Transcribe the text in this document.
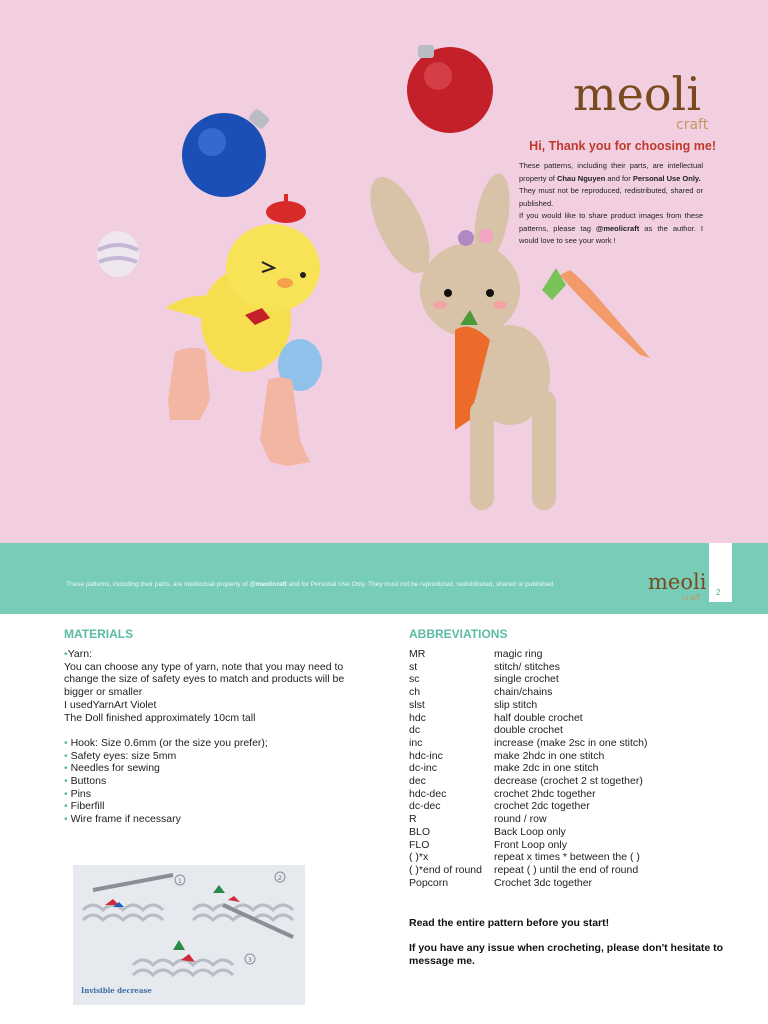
meoli
craft

Hi, Thank you for choosing me!

These patterns, including their parts, are intellectual property of Chau Nguyen and for Personal Use Only.
They must not be reproduced, redistributed, shared or published.
If you would like to share product images from these patterns, please tag @meolicraft as the author. I would love to see your work !
These patterns, including their parts, are intellectual property of @meolicraft and for Personal Use Only. They must not be reproduced, redistributed, shared or published.	meoli
craft
2
MATERIALS
•Yarn:
You can choose any type of yarn, note that you may need to change the size of safety eyes to match and products will be bigger or smaller
I usedYarnArt Violet
The Doll finished approximately 10cm tall
• Hook: Size 0.6mm (or the size you prefer);
• Safety eyes: size 5mm
• Needles for sewing
• Buttons
• Pins
• Fiberfill
• Wire frame if necessary
ABBREVIATIONS
MR	magic ring
st	stitch/ stitches
sc	single crochet
ch	chain/chains
slst	slip stitch
hdc	half double crochet
dc	double crochet
inc	increase (make 2sc in one stitch)
hdc-inc	make 2hdc in one stitch
dc-inc	make 2dc in one stitch
dec	decrease (crochet 2 st together)
hdc-dec	crochet 2hdc together
dc-dec	crochet 2dc together
R	round / row
BLO	Back Loop only
FLO	Front Loop only
( )*x	repeat x times * between the ( )
( )*end of round	repeat ( ) until the end of round
Popcorn	Crochet 3dc together

Read the entire pattern before you start!

If you have any issue when crocheting, please don't hesitate to message me.

1	2
3
Invisible decrease
